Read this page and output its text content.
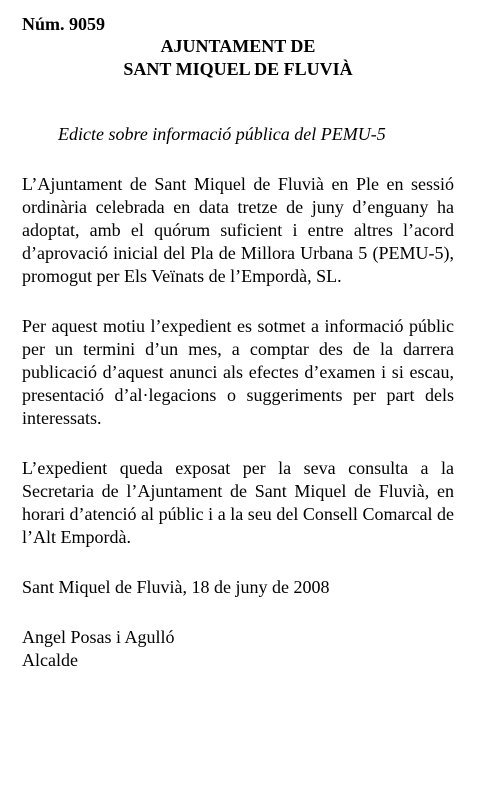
Núm. 9059

AJUNTAMENT DE

SANT MIQUEL DE FLUVIÀ

Edicte sobre informació pública del PEMU-5

L’Ajuntament de Sant Miquel de Fluvià en Ple en sessió ordinària celebrada en data tretze de juny d’enguany ha adoptat, amb el quórum suficient i entre altres l’acord d’aprovació inicial del Pla de Millora Urbana 5 (PEMU-5), promogut per Els Veïnats de l’Empordà, SL.

Per aquest motiu l’expedient es sotmet a informació públic per un termini d’un mes, a comptar des de la darrera publicació d’aquest anunci als efectes d’examen i si escau, presentació d’al·legacions o suggeriments per part dels interessats.

L’expedient queda exposat per la seva consulta a la Secretaria de l’Ajuntament de Sant Miquel de Fluvià, en horari d’atenció al públic i a la seu del Consell Comarcal de l’Alt Empordà.

Sant Miquel de Fluvià, 18 de juny de 2008

Angel Posas i Agulló
Alcalde
